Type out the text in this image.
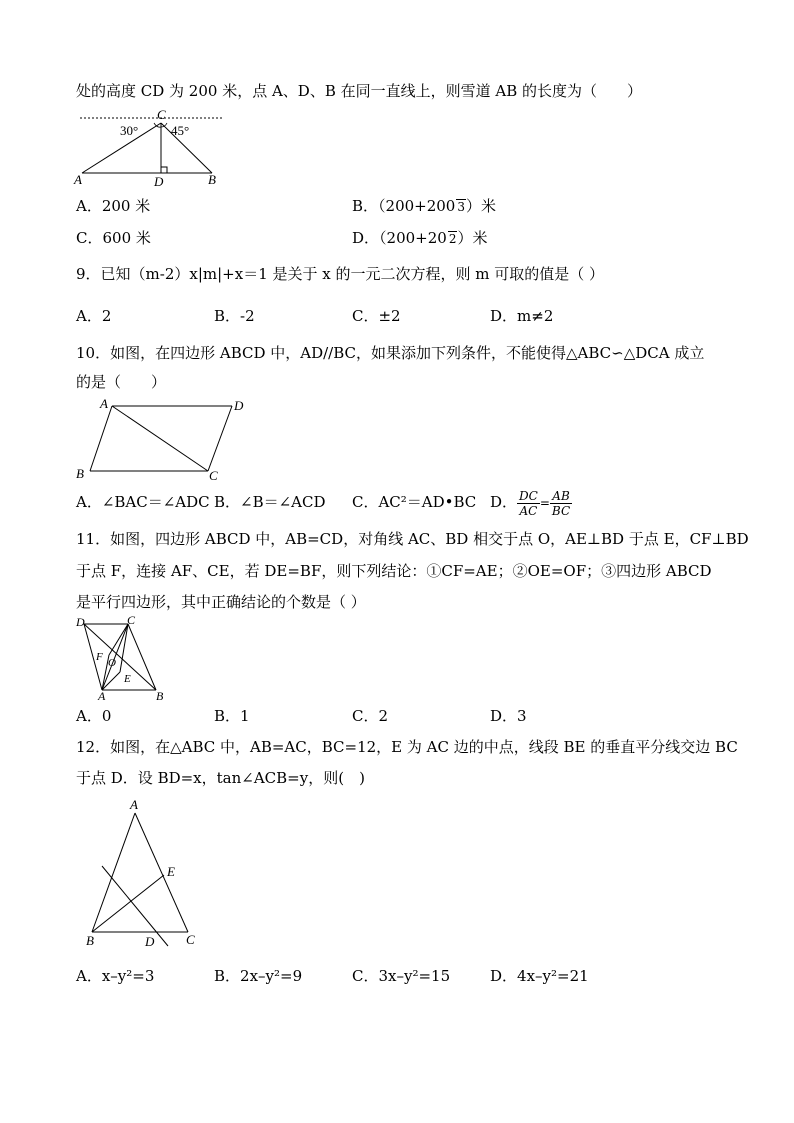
处的高度 CD 为 200 米，点 A、D、B 在同一直线上，则雪道 AB 的长度为（　　）
C
30°	45°
A	D	B
A．200 米	B．（200+200 3）米
C．600 米	D．（200+20 2）米
9．已知（m-2）x|m|+x＝1 是关于 x 的一元二次方程，则 m 可取的值是（ ）
A．2	B．-2	C．±2	D．m≠2
10．如图，在四边形 ABCD 中，AD//BC，如果添加下列条件，不能使得△ABC∽△DCA 成立
的是（　　）
A	D
B	C
A．∠BAC＝∠ADC B．∠B＝∠ACD C．AC²＝AD•BC D． $\frac{DC}{AC} = \frac{AB}{BC}$
11．如图，四边形 ABCD 中，AB=CD，对角线 AC、BD 相交于点 O，AE⊥BD 于点 E，CF⊥BD
于点 F，连接 AF、CE，若 DE=BF，则下列结论：①CF=AE；②OE=OF；③四边形 ABCD
是平行四边形，其中正确结论的个数是（ ）
D	C
F O
E
A	B
A．0	B．1	C．2	D．3
12．如图，在△ABC 中，AB=AC，BC=12，E 为 AC 边的中点，线段 BE 的垂直平分线交边 BC
于点 D．设 BD=x，tan∠ACB=y，则(　)
A
E
B	D C
A．x–y²=3	B．2x–y²=9	C．3x–y²=15	D．4x–y²=21
